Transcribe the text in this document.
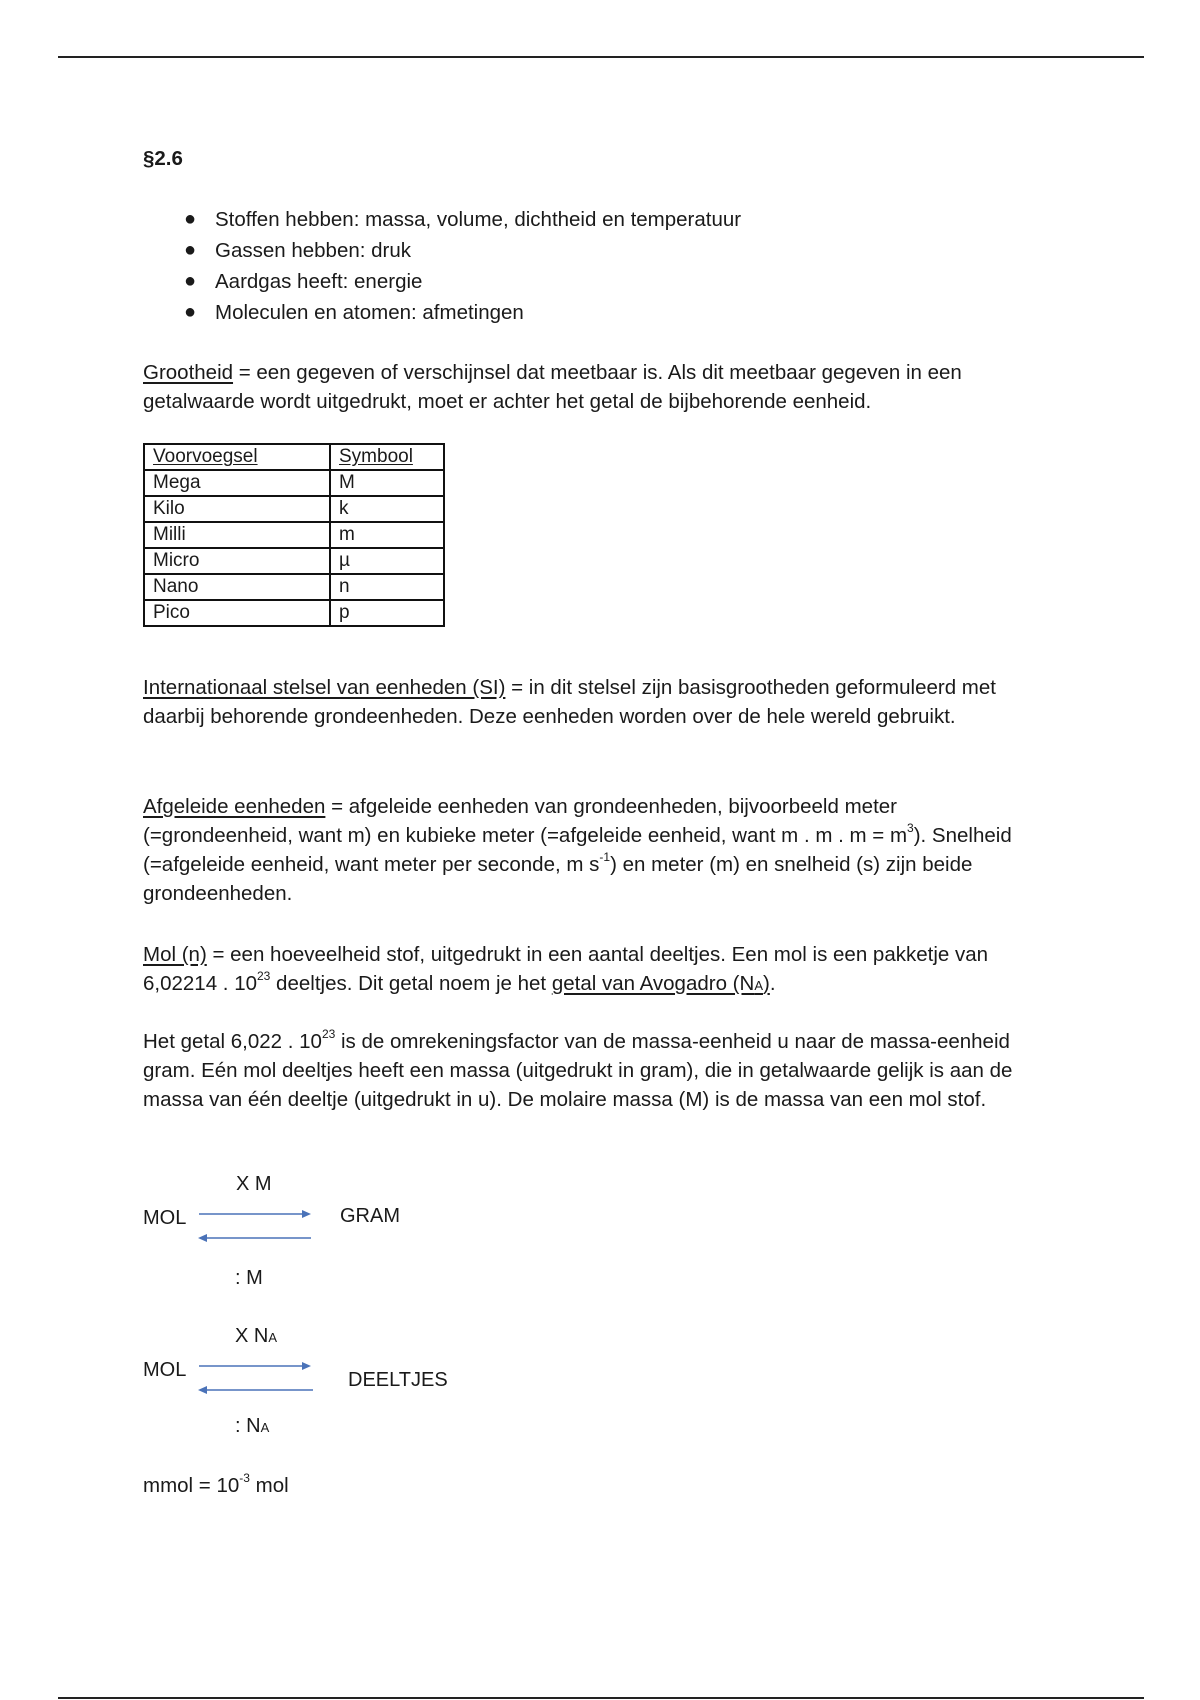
§2.6
● Stoffen hebben: massa, volume, dichtheid en temperatuur
● Gassen hebben: druk
● Aardgas heeft: energie
● Moleculen en atomen: afmetingen

Grootheid = een gegeven of verschijnsel dat meetbaar is. Als dit meetbaar gegeven in een getalwaarde wordt uitgedrukt, moet er achter het getal de bijbehorende eenheid.

Voorvoegsel	Symbool
Mega	M
Kilo	k
Milli	m
Micro	µ
Nano	n
Pico	p

Internationaal stelsel van eenheden (SI) = in dit stelsel zijn basisgrootheden geformuleerd met daarbij behorende grondeenheden. Deze eenheden worden over de hele wereld gebruikt.

Afgeleide eenheden = afgeleide eenheden van grondeenheden, bijvoorbeeld meter (=grondeenheid, want m) en kubieke meter (=afgeleide eenheid, want m . m . $m = m^3$). Snelheid (=afgeleide eenheid, want meter per seconde, m $s^{-1}$) en meter (m) en snelheid (s) zijn beide grondeenheden.

Mol (n) = een hoeveelheid stof, uitgedrukt in een aantal deeltjes. Een mol is een pakketje van 6,02214 . $10^{23}$ deeltjes. Dit getal noem je het getal van Avogadro (NA).

Het getal 6,022 . $10^{23}$ is de omrekeningsfactor van de massa-eenheid u naar de massa-eenheid gram. Eén mol deeltjes heeft een massa (uitgedrukt in gram), die in getalwaarde gelijk is aan de massa van één deeltje (uitgedrukt in u). De molaire massa (M) is de massa van een mol stof.

X M
MOL	GRAM
: M
X NA
MOL	DEELTJES
: NA

mmol = $10^{-3}$ mol
